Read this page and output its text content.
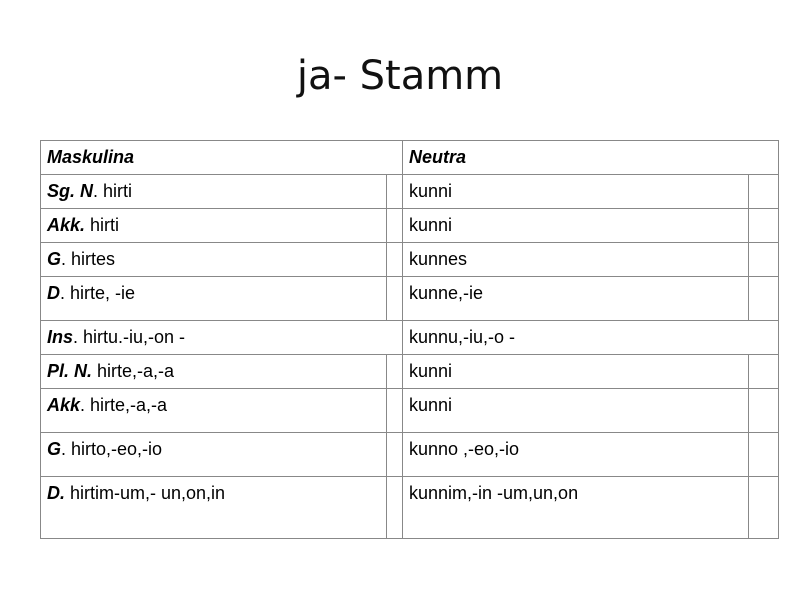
ja- Stamm
Maskulina		Neutra	
Sg. N. hirti		kunni	
Akk. hirti		kunni	
G. hirtes		kunnes	
D. hirte, -ie		kunne,-ie	
Ins. hirtu.-iu,-on -		kunnu,-iu,-o -	
Pl. N. hirte,-a,-a		kunni	
Akk. hirte,-a,-a		kunni	
G. hirto,-eo,-io		kunno ,-eo,-io	
D. hirtim-um,- un,on,in		kunnim,-in -um,un,on	
